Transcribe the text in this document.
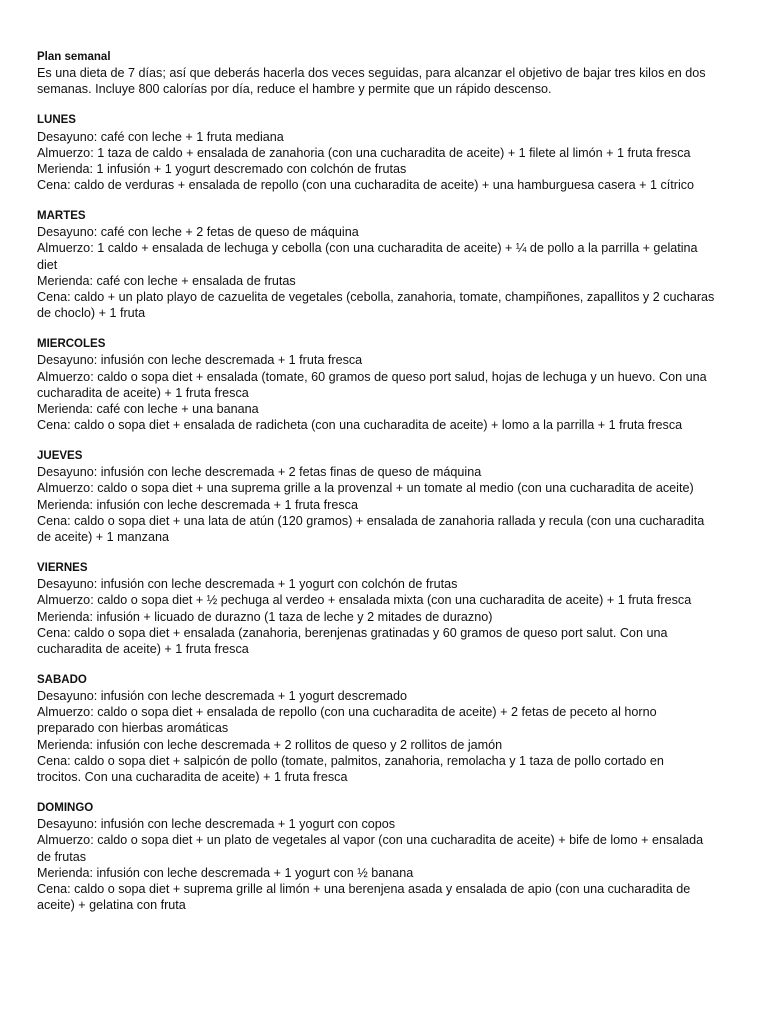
Plan semanal

Es una dieta de 7 días; así que deberás hacerla dos veces seguidas, para alcanzar el objetivo de bajar tres kilos en dos
semanas. Incluye 800 calorías por día, reduce el hambre y permite que un rápido descenso.

LUNES

Desayuno: café con leche + 1 fruta mediana

Almuerzo: 1 taza de caldo + ensalada de zanahoria (con una cucharadita de aceite) + 1 filete al limón + 1 fruta fresca

Merienda: 1 infusión + 1 yogurt descremado con colchón de frutas

Cena: caldo de verduras + ensalada de repollo (con una cucharadita de aceite) + una hamburguesa casera + 1 cítrico

MARTES

Desayuno: café con leche + 2 fetas de queso de máquina

Almuerzo: 1 caldo + ensalada de lechuga y cebolla (con una cucharadita de aceite) + ¼ de pollo a la parrilla + gelatina
diet

Merienda: café con leche + ensalada de frutas

Cena: caldo + un plato playo de cazuelita de vegetales (cebolla, zanahoria, tomate, champiñones, zapallitos y 2 cucharas
de choclo) + 1 fruta

MIERCOLES

Desayuno: infusión con leche descremada + 1 fruta fresca

Almuerzo: caldo o sopa diet + ensalada (tomate, 60 gramos de queso port salud, hojas de lechuga y un huevo. Con una
cucharadita de aceite) + 1 fruta fresca

Merienda: café con leche + una banana

Cena: caldo o sopa diet + ensalada de radicheta (con una cucharadita de aceite) + lomo a la parrilla + 1 fruta fresca

JUEVES

Desayuno: infusión con leche descremada + 2 fetas finas de queso de máquina

Almuerzo: caldo o sopa diet + una suprema grille a la provenzal + un tomate al medio (con una cucharadita de aceite)

Merienda: infusión con leche descremada + 1 fruta fresca

Cena: caldo o sopa diet + una lata de atún (120 gramos) + ensalada de zanahoria rallada y recula (con una cucharadita
de aceite) + 1 manzana

VIERNES

Desayuno: infusión con leche descremada + 1 yogurt con colchón de frutas

Almuerzo: caldo o sopa diet + ½ pechuga al verdeo + ensalada mixta (con una cucharadita de aceite) + 1 fruta fresca

Merienda: infusión + licuado de durazno (1 taza de leche y 2 mitades de durazno)

Cena: caldo o sopa diet + ensalada (zanahoria, berenjenas gratinadas y 60 gramos de queso port salut. Con una
cucharadita de aceite) + 1 fruta fresca

SABADO

Desayuno: infusión con leche descremada + 1 yogurt descremado

Almuerzo: caldo o sopa diet + ensalada de repollo (con una cucharadita de aceite) + 2 fetas de peceto al horno
preparado con hierbas aromáticas

Merienda: infusión con leche descremada + 2 rollitos de queso y 2 rollitos de jamón

Cena: caldo o sopa diet + salpicón de pollo (tomate, palmitos, zanahoria, remolacha y 1 taza de pollo cortado en
trocitos. Con una cucharadita de aceite) + 1 fruta fresca

DOMINGO

Desayuno: infusión con leche descremada + 1 yogurt con copos

Almuerzo: caldo o sopa diet + un plato de vegetales al vapor (con una cucharadita de aceite) + bife de lomo + ensalada
de frutas

Merienda: infusión con leche descremada + 1 yogurt con ½ banana

Cena: caldo o sopa diet + suprema grille al limón + una berenjena asada y ensalada de apio (con una cucharadita de
aceite) + gelatina con fruta
